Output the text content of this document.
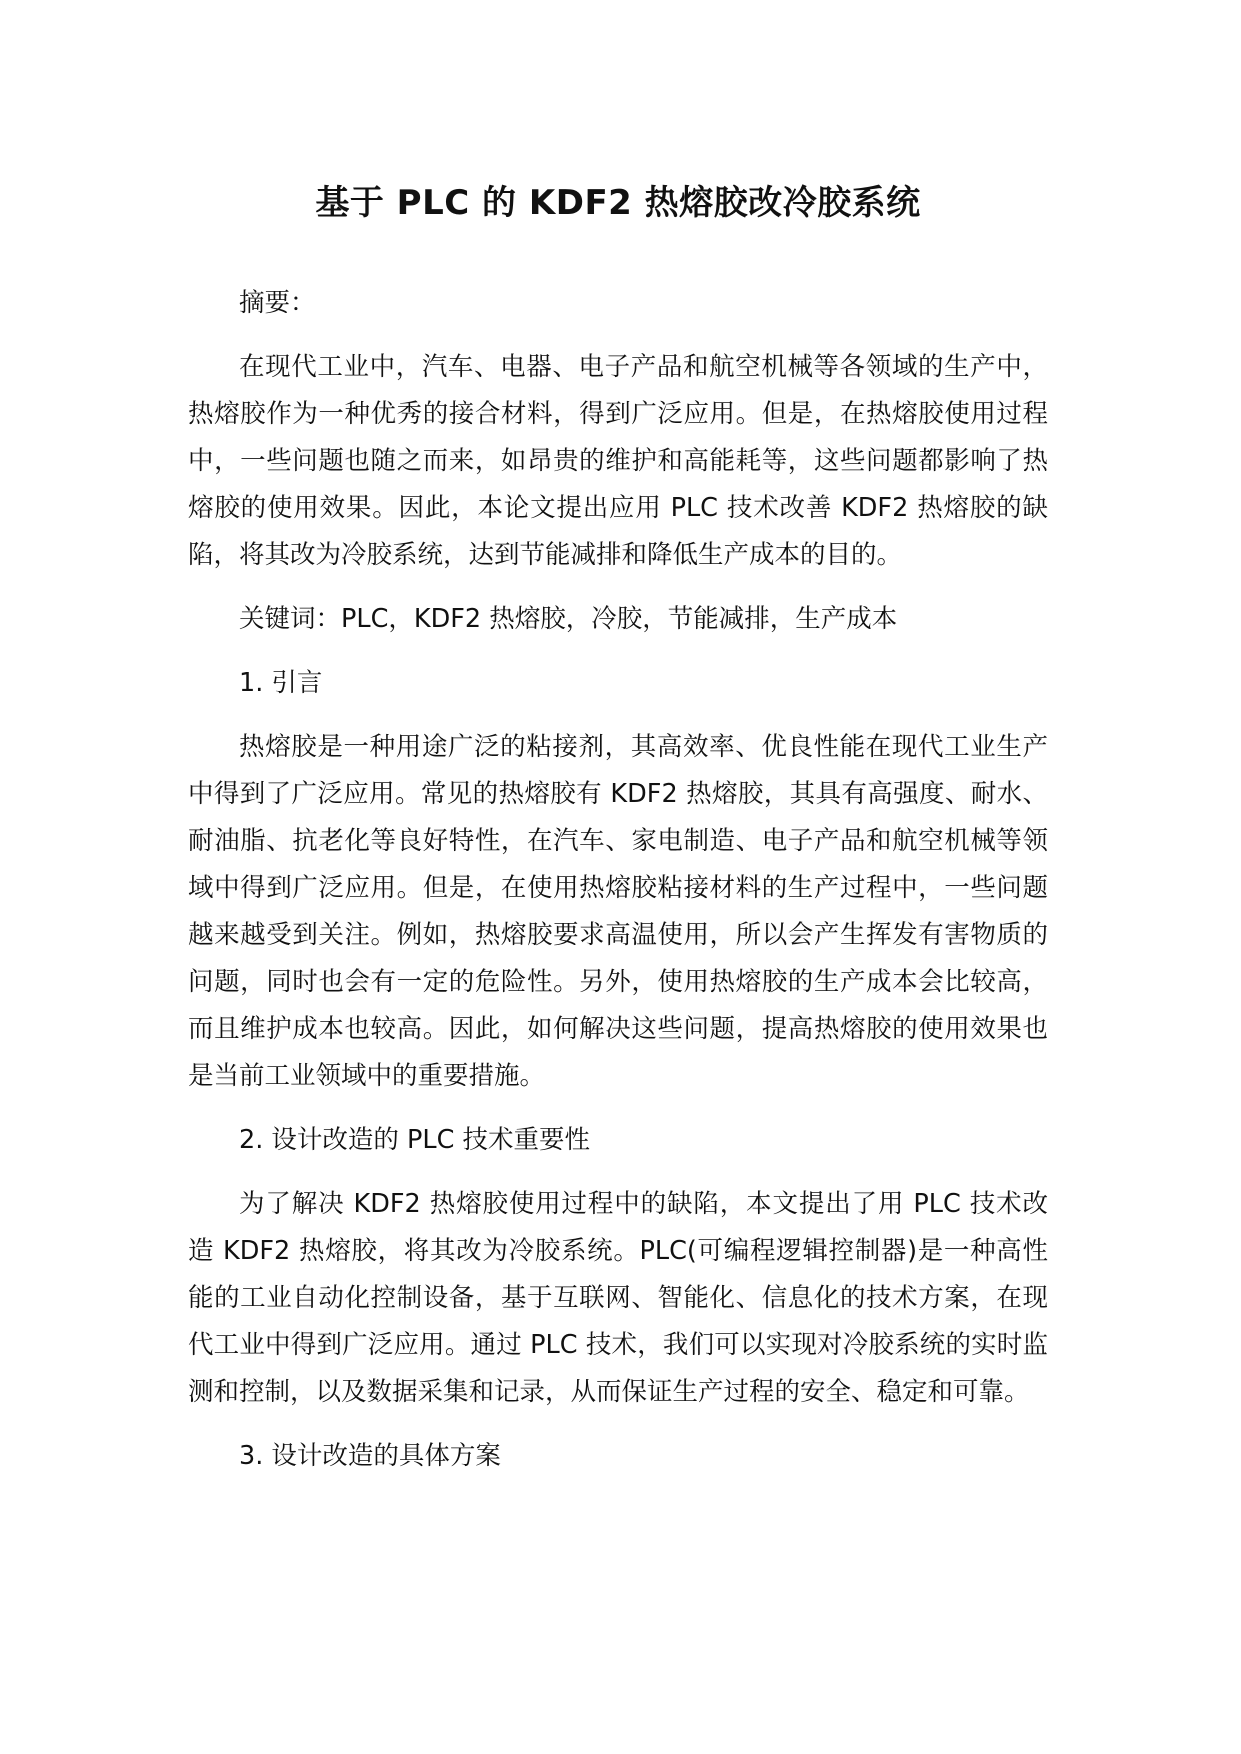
基于 PLC 的 KDF2 热熔胶改冷胶系统
摘要：
在现代工业中，汽车、电器、电子产品和航空机械等各领域的生产中，热熔胶作为一种优秀的接合材料，得到广泛应用。但是，在热熔胶使用过程中，一些问题也随之而来，如昂贵的维护和高能耗等，这些问题都影响了热熔胶的使用效果。因此，本论文提出应用 PLC 技术改善 KDF2 热熔胶的缺陷，将其改为冷胶系统，达到节能减排和降低生产成本的目的。
关键词：PLC，KDF2 热熔胶，冷胶，节能减排，生产成本
1. 引言
热熔胶是一种用途广泛的粘接剂，其高效率、优良性能在现代工业生产中得到了广泛应用。常见的热熔胶有 KDF2 热熔胶，其具有高强度、耐水、耐油脂、抗老化等良好特性，在汽车、家电制造、电子产品和航空机械等领域中得到广泛应用。但是，在使用热熔胶粘接材料的生产过程中，一些问题越来越受到关注。例如，热熔胶要求高温使用，所以会产生挥发有害物质的问题，同时也会有一定的危险性。另外，使用热熔胶的生产成本会比较高，而且维护成本也较高。因此，如何解决这些问题，提高热熔胶的使用效果也是当前工业领域中的重要措施。
2. 设计改造的 PLC 技术重要性
为了解决 KDF2 热熔胶使用过程中的缺陷，本文提出了用 PLC 技术改造 KDF2 热熔胶，将其改为冷胶系统。PLC(可编程逻辑控制器)是一种高性能的工业自动化控制设备，基于互联网、智能化、信息化的技术方案，在现代工业中得到广泛应用。通过 PLC 技术，我们可以实现对冷胶系统的实时监测和控制，以及数据采集和记录，从而保证生产过程的安全、稳定和可靠。
3. 设计改造的具体方案
